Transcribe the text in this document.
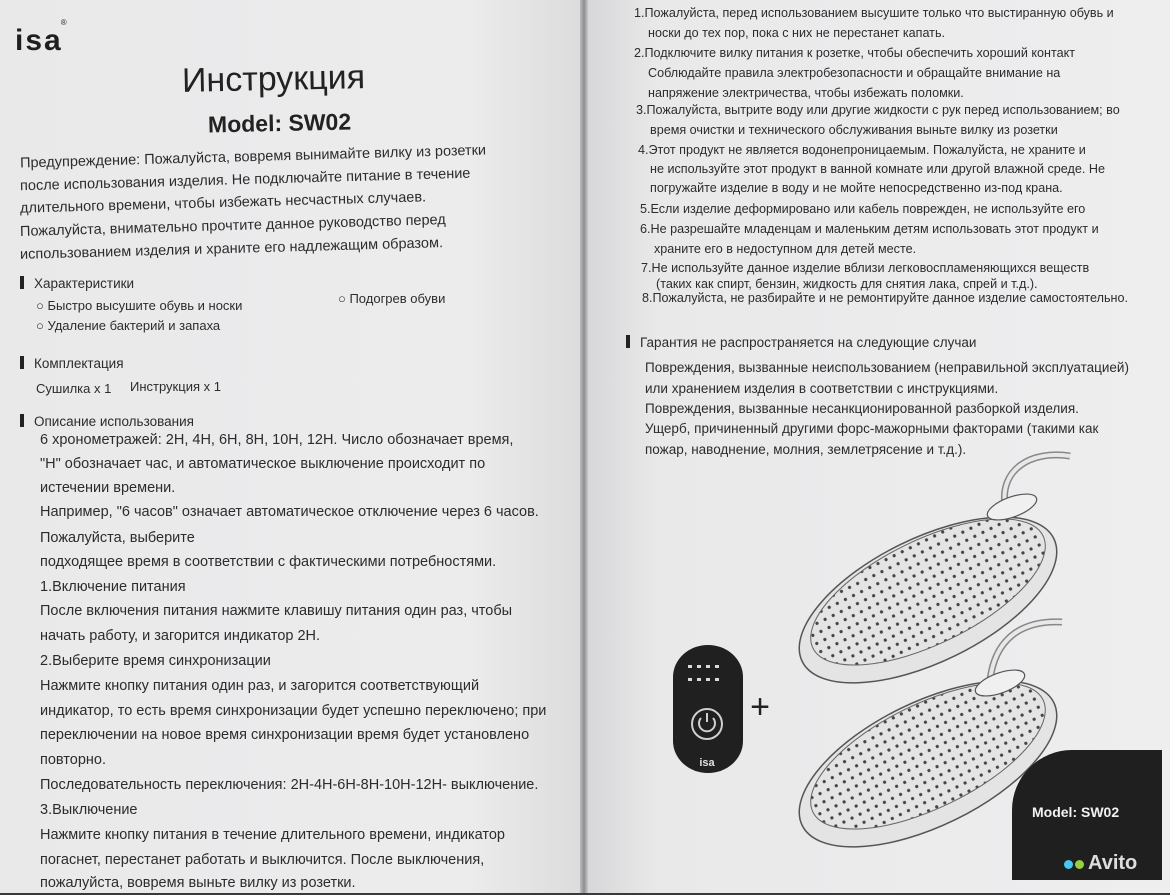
isa®
Инструкция
Model: SW02
Предупреждение: Пожалуйста, вовремя вынимайте вилку из розетки
после использования изделия. Не подключайте питание в течение
длительного времени, чтобы избежать несчастных случаев.
Пожалуйста, внимательно прочтите данное руководство перед
использованием изделия и храните его надлежащим образом.
Характеристики
○ Быстро высушите обувь и носки	○ Подогрев обуви
○ Удаление бактерий и запаха
Комплектация
Сушилка x 1 Инструкция x 1
Описание использования
6 хронометражей: 2H, 4H, 6H, 8H, 10H, 12H. Число обозначает время,
"Н" обозначает час, и автоматическое выключение происходит по
истечении времени.
Например, "6 часов" означает автоматическое отключение через 6 часов.
Пожалуйста, выберите
подходящее время в соответствии с фактическими потребностями.
1.Включение питания
После включения питания нажмите клавишу питания один раз, чтобы
начать работу, и загорится индикатор 2Н.
2.Выберите время синхронизации
Нажмите кнопку питания один раз, и загорится соответствующий
индикатор, то есть время синхронизации будет успешно переключено; при
переключении на новое время синхронизации время будет установлено
повторно.
Последовательность переключения: 2Н-4Н-6Н-8Н-10Н-12Н- выключение.
3.Выключение
Нажмите кнопку питания в течение длительного времени, индикатор
погаснет, перестанет работать и выключится. После выключения,
пожалуйста, вовремя выньте вилку из розетки.
1.Пожалуйста, перед использованием высушите только что выстиранную обувь и
носки до тех пор, пока с них не перестанет капать.
2.Подключите вилку питания к розетке, чтобы обеспечить хороший контакт
Соблюдайте правила электробезопасности и обращайте внимание на
напряжение электричества, чтобы избежать поломки.
3.Пожалуйста, вытрите воду или другие жидкости с рук перед использованием; во
время очистки и технического обслуживания выньте вилку из розетки
4.Этот продукт не является водонепроницаемым. Пожалуйста, не храните и
не используйте этот продукт в ванной комнате или другой влажной среде. Не
погружайте изделие в воду и не мойте непосредственно из-под крана.
5.Если изделие деформировано или кабель поврежден, не используйте его
6.Не разрешайте младенцам и маленьким детям использовать этот продукт и
храните его в недоступном для детей месте.
7.Не используйте данное изделие вблизи легковоспламеняющихся веществ
(таких как спирт, бензин, жидкость для снятия лака, спрей и т.д.).
8.Пожалуйста, не разбирайте и не ремонтируйте данное изделие самостоятельно.
Гарантия не распространяется на следующие случаи
Повреждения, вызванные неиспользованием (неправильной эксплуатацией)
или хранением изделия в соответствии с инструкциями.
Повреждения, вызванные несанкционированной разборкой изделия.
Ущерб, причиненный другими форс-мажорными факторами (такими как
пожар, наводнение, молния, землетрясение и т.д.).
isa
+
Model: SW02
Avito
